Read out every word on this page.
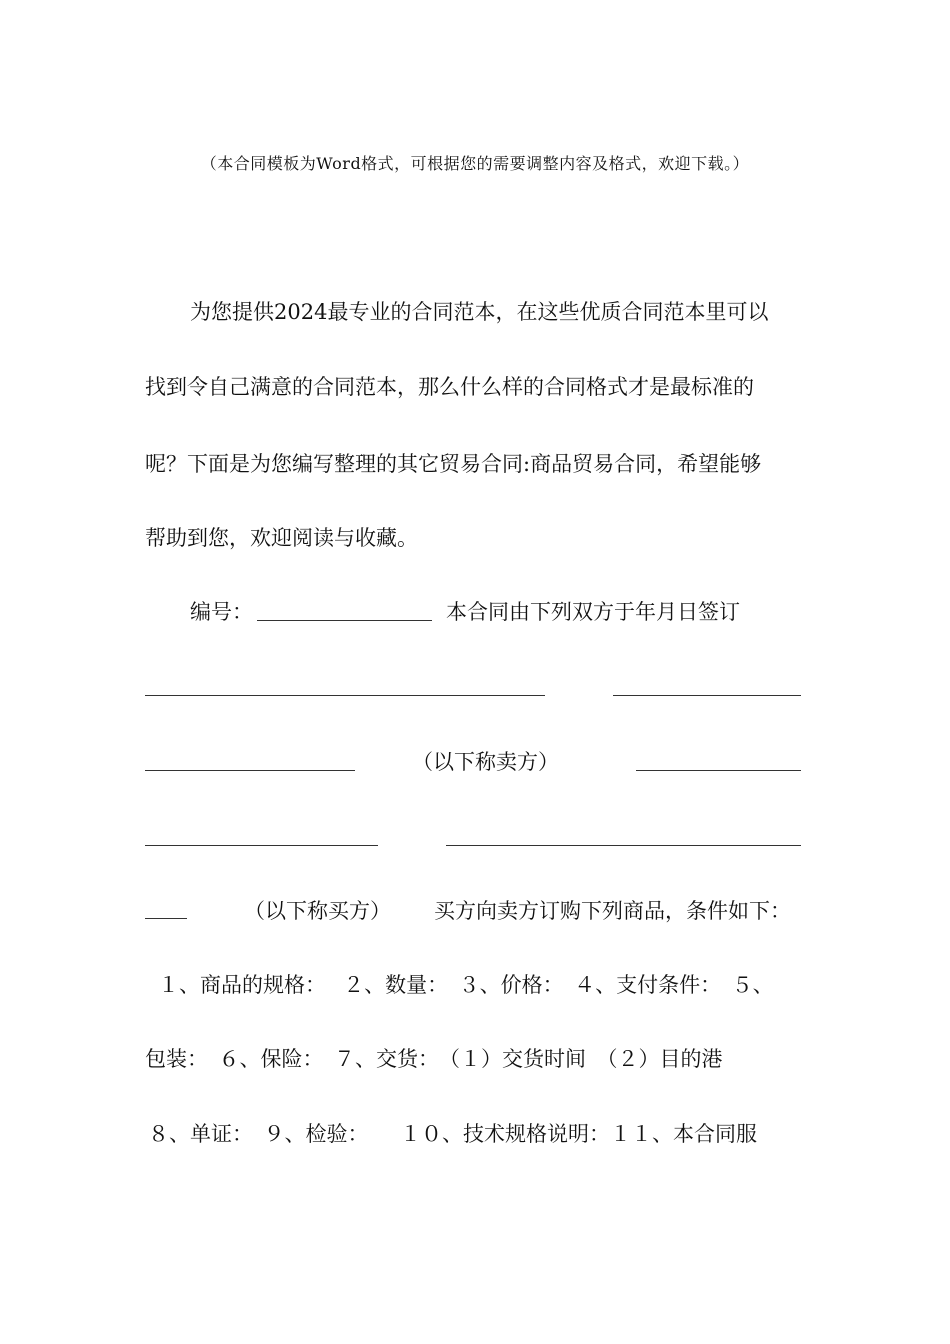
（本合同模板为Word格式，可根据您的需要调整内容及格式，欢迎下载。）
为您提供2024最专业的合同范本，在这些优质合同范本里可以
找到令自己满意的合同范本，那么什么样的合同格式才是最标准的
呢？下面是为您编写整理的其它贸易合同:商品贸易合同，希望能够
帮助到您，欢迎阅读与收藏。
编号：	本合同由下列双方于年月日签订
（以下称卖方）
（以下称买方） 买方向卖方订购下列商品，条件如下：
１、商品的规格：　 ２、数量：　３、价格：　４、支付条件：　５、
包装：　６、保险：　７、交货：　（１）交货时间　（２）目的港
８、单证：　９、检验：　　１０、技术规格说明：１１、本合同服
